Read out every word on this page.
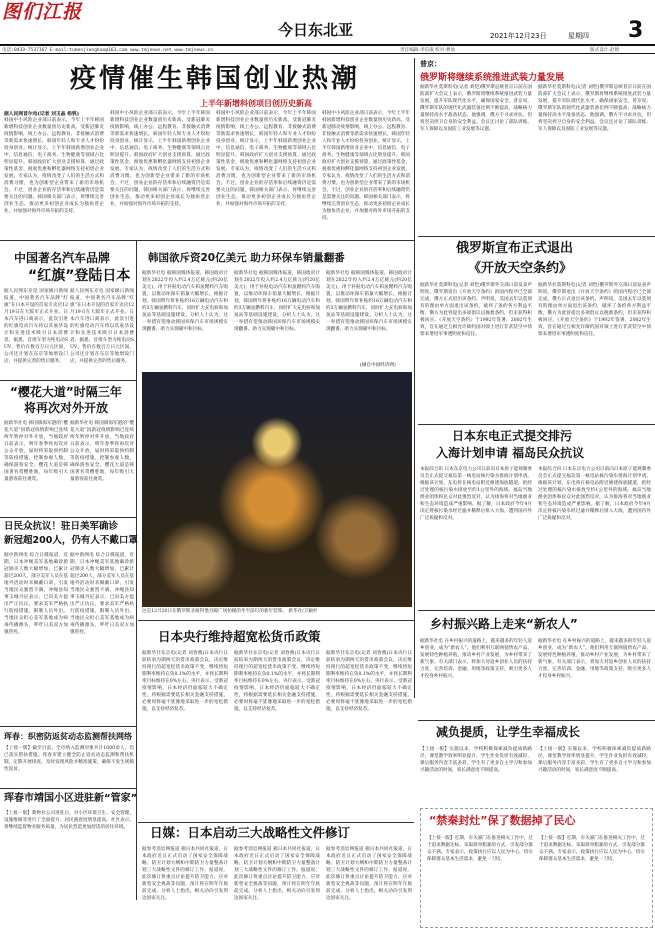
图们江报
今日东北亚	2021年12月23日	星期四 3
电话:0433-7537167 E-mail:tumenjiangbao@163.com www.tmjnews.net www.tmjnews.cn	责任编辑:李信淑 校对:曹仙	版式设计:赵婧
疫情催生韩国创业热潮
上半年新增科创项目创历史新高
据人民网首尔电(记者 刘玉晶 杨钒)
韩国中小风险企业部日前表示，今年上半年韩国新增科技创业企业数量创历史新高。受新冠肺炎疫情影响，线上办公、远程教育、非接触式消费等新需求快速增长，韩国年轻人和专业人才纷纷投身创业。统计显示，上半年韩国新增创业企业中，信息通信、电子商务、生物健康等领域占比明显提升。韩国政府扩大创业支援预算，通过政策性基金、税收优惠和孵化器网络支持初创企业发展。专家认为，疫情改变了人们的生活方式和消费习惯，也为创新型企业带来了新的市场机会。不过，创业企业的存活率和后续融资仍是需要关注的问题。韩国相关部门表示，将继续完善创业生态，推动更多初创企业成长为独角兽企业，并加强对海外市场开拓的支持。
韩国中小风险企业部日前表示，今年上半年韩国新增科技创业企业数量创历史新高。受新冠肺炎疫情影响，线上办公、远程教育、非接触式消费等新需求快速增长，韩国年轻人和专业人才纷纷投身创业。统计显示，上半年韩国新增创业企业中，信息通信、电子商务、生物健康等领域占比明显提升。韩国政府扩大创业支援预算，通过政策性基金、税收优惠和孵化器网络支持初创企业发展。专家认为，疫情改变了人们的生活方式和消费习惯，也为创新型企业带来了新的市场机会。不过，创业企业的存活率和后续融资仍是需要关注的问题。韩国相关部门表示，将继续完善创业生态，推动更多初创企业成长为独角兽企业，并加强对海外市场开拓的支持。
韩国中小风险企业部日前表示，今年上半年韩国新增科技创业企业数量创历史新高。受新冠肺炎疫情影响，线上办公、远程教育、非接触式消费等新需求快速增长，韩国年轻人和专业人才纷纷投身创业。统计显示，上半年韩国新增创业企业中，信息通信、电子商务、生物健康等领域占比明显提升。韩国政府扩大创业支援预算，通过政策性基金、税收优惠和孵化器网络支持初创企业发展。专家认为，疫情改变了人们的生活方式和消费习惯，也为创新型企业带来了新的市场机会。不过，创业企业的存活率和后续融资仍是需要关注的问题。韩国相关部门表示，将继续完善创业生态，推动更多初创企业成长为独角兽企业，并加强对海外市场开拓的支持。
韩国中小风险企业部日前表示，今年上半年韩国新增科技创业企业数量创历史新高。受新冠肺炎疫情影响，线上办公、远程教育、非接触式消费等新需求快速增长，韩国年轻人和专业人才纷纷投身创业。统计显示，上半年韩国新增创业企业中，信息通信、电子商务、生物健康等领域占比明显提升。韩国政府扩大创业支援预算，通过政策性基金、税收优惠和孵化器网络支持初创企业发展。专家认为，疫情改变了人们的生活方式和消费习惯，也为创新型企业带来了新的市场机会。不过，创业企业的存活率和后续融资仍是需要关注的问题。韩国相关部门表示，将继续完善创业生态，推动更多初创企业成长为独角兽企业，并加强对海外市场开拓的支持。
普京：
俄罗斯将继续系统推进武装力量发展
据新华社莫斯科电(记者 刘恺)俄罗斯总统普京日前在国防部扩大会议上表示，俄罗斯将继续系统推进武装力量发展，提升军队现代化水平，确保国家安全。普京说，俄罗斯军队的现代化武器装备比例不断提高，战略核力量保持高水平战备状态。他强调，俄方不寻求对抗，但将坚决捍卫自身的安全利益。会议还讨论了部队训练、军人保障以及国防工业发展等议题。
据新华社莫斯科电(记者 刘恺)俄罗斯总统普京日前在国防部扩大会议上表示，俄罗斯将继续系统推进武装力量发展，提升军队现代化水平，确保国家安全。普京说，俄罗斯军队的现代化武器装备比例不断提高，战略核力量保持高水平战备状态。他强调，俄方不寻求对抗，但将坚决捍卫自身的安全利益。会议还讨论了部队训练、军人保障以及国防工业发展等议题。
俄罗斯宣布正式退出
《开放天空条约》
据新华社莫斯科电(记者 刘恺)俄罗斯外交部日前发表声明说，俄罗斯退出《开放天空条约》的国内程序已全部完成，俄方正式退出该条约。声明说，美国去年以莫须有的理由单方面退出该条约，破坏了条约各方利益平衡，俄方为此曾提出多项倡议以挽救条约，但未获得积极回应。《开放天空条约》于1992年签署，2002年生效，旨在通过互相允许缔约国对领土进行非武装空中侦察来增进军事透明度和信任。
据新华社莫斯科电(记者 刘恺)俄罗斯外交部日前发表声明说，俄罗斯退出《开放天空条约》的国内程序已全部完成，俄方正式退出该条约。声明说，美国去年以莫须有的理由单方面退出该条约，破坏了条约各方利益平衡，俄方为此曾提出多项倡议以挽救条约，但未获得积极回应。《开放天空条约》于1992年签署，2002年生效，旨在通过互相允许缔约国对领土进行非武装空中侦察来增进军事透明度和信任。
日本东电正式提交排污
入海计划申请 福岛民众抗议
本报综合讯 日本东京电力公司日前向日本原子能规制委员会正式提交福岛第一核电站核污染水排海计划申请。根据该计划，东电将在核电站附近修建海底隧道，把经过处理的核污染水排放至约1公里外的海域。福岛当地渔业团体和民众对此强烈反对，认为排海将对当地渔业和生态环境造成严重影响。据了解，日本政府今年4月决定将核污染水经过滤并稀释后排入大海，遭到国内外广泛质疑和反对。
本报综合讯 日本东京电力公司日前向日本原子能规制委员会正式提交福岛第一核电站核污染水排海计划申请。根据该计划，东电将在核电站附近修建海底隧道，把经过处理的核污染水排放至约1公里外的海域。福岛当地渔业团体和民众对此强烈反对，认为排海将对当地渔业和生态环境造成严重影响。据了解，日本政府今年4月决定将核污染水经过滤并稀释后排入大海，遭到国内外广泛质疑和反对。
中国著名汽车品牌
“红旗”登陆日本
据人民网东京电 国家级日新闻报道，中国著名汽车品牌“红旗”在日本开设的首家专卖店12月19日在大阪市正式开业。日本汽车进口商表示，此次引进的红旗电动汽车将以其豪华设计和先进技术吸引日本消费者。据悉，首批车型为纯电动SUV，售价在数百万日元区间，公司还计划在东京等地增设门店，并提供完善的售后服务。
据人民网东京电 国家级日新闻报道，中国著名汽车品牌“红旗”在日本开设的首家专卖店12月19日在大阪市正式开业。日本汽车进口商表示，此次引进的红旗电动汽车将以其豪华设计和先进技术吸引日本消费者。据悉，首批车型为纯电动SUV，售价在数百万日元区间，公司还计划在东京等地增设门店，并提供完善的售后服务。
“樱花大道”时隔三年
将再次对外开放
据新华社电 韩国镇海军港的“樱花大道”因新冠疫情影响已连续两年暂停对外开放，当地政府日前表示，明年春季将再次对公众开放，届时将采取预约制等防疫措施，控制参观人数，确保游客安全。樱花大道是韩国著名赏樱胜地，每年吸引大量游客前往观赏。
据新华社电 韩国镇海军港的“樱花大道”因新冠疫情影响已连续两年暂停对外开放，当地政府日前表示，明年春季将再次对公众开放，届时将采取预约制等防疫措施，控制参观人数，确保游客安全。樱花大道是韩国著名赏樱胜地，每年吸引大量游客前往观赏。
日民众抗议！驻日美军确诊
新冠超200人，仍有人不戴口罩
据中新网电 综合日媒报道，近期，日本冲绳美军基地确诊新冠肺炎人数大幅增加，已累计超过200人，部分美军人员在基地外活动时未佩戴口罩，引发当地民众强烈不满。冲绳县知事玉城丹尼表示，已向美方提出严正抗议，要求美军严格执行防疫措施，限制人员外出。当地民众担心美军基地成为病毒传播源头，呼吁日美双方加强管控。
据中新网电 综合日媒报道，近期，日本冲绳美军基地确诊新冠肺炎人数大幅增加，已累计超过200人，部分美军人员在基地外活动时未佩戴口罩，引发当地民众强烈不满。冲绳县知事玉城丹尼表示，已向美方提出严正抗议，要求美军严格执行防疫措施，限制人员外出。当地民众担心美军基地成为病毒传播源头，呼吁日美双方加强管控。
珲春：织密防返贫动态监测帮扶网络
【上接一版】截至目前，全市纳入监测对象共计1000余人，均已落实帮扶措施。珲春市建立健全防止返贫动态监测和帮扶机制，定期开展排查，及时发现风险并精准施策，确保不发生规模性返贫。
珲春市靖国小区进驻新“管家”
【上接一版】新物业公司进驻后，对小区环境卫生、安全管理、设施维修等进行了全面提升，居民满意度明显提高。社区表示，将继续监督物业服务质量，为居民营造更加舒适的居住环境。
韩国欲斥资20亿美元 助力环保车销量翻番
据新华社电 据韩国媒体报道，韩国政府计划在2022年投入约2.4万亿韩元(约20亿美元)，用于补贴电动汽车和氢燃料汽车购置，以推动环保车销量大幅增长。根据计划，韩国明年将补贴约16万辆电动汽车和约3万辆氢燃料汽车，同时扩大充电桩和加氢站等基础设施建设。分析人士认为，这一举措有望推动韩国环保汽车市场规模实现翻番，助力实现碳中和目标。
据新华社电 据韩国媒体报道，韩国政府计划在2022年投入约2.4万亿韩元(约20亿美元)，用于补贴电动汽车和氢燃料汽车购置，以推动环保车销量大幅增长。根据计划，韩国明年将补贴约16万辆电动汽车和约3万辆氢燃料汽车，同时扩大充电桩和加氢站等基础设施建设。分析人士认为，这一举措有望推动韩国环保汽车市场规模实现翻番，助力实现碳中和目标。
据新华社电 据韩国媒体报道，韩国政府计划在2022年投入约2.4万亿韩元(约20亿美元)，用于补贴电动汽车和氢燃料汽车购置，以推动环保车销量大幅增长。根据计划，韩国明年将补贴约16万辆电动汽车和约3万辆氢燃料汽车，同时扩大充电桩和加氢站等基础设施建设。分析人士认为，这一举措有望推动韩国环保汽车市场规模实现翻番，助力实现碳中和目标。
(摘自中国经济网)
这是12月20日在俄罗斯圣彼得堡宫殿广场拍摄的冬至前灯的新年装饰。 新华社/卫颖杉
日本央行维持超宽松货币政策
据新华社东京电(记者 刘春燕)日本央行日前结束为期两天的货币政策会议，决定维持现行的超宽松货币政策不变，继续将短期利率维持在负0.1%的水平，并将长期利率目标维持在0%左右。央行表示，受新冠疫情影响，日本经济仍面临较大不确定性，将根据需要延长相关金融支持措施，必要时将毫不犹豫地采取进一步的宽松措施，以支持经济复苏。
据新华社东京电(记者 刘春燕)日本央行日前结束为期两天的货币政策会议，决定维持现行的超宽松货币政策不变，继续将短期利率维持在负0.1%的水平，并将长期利率目标维持在0%左右。央行表示，受新冠疫情影响，日本经济仍面临较大不确定性，将根据需要延长相关金融支持措施，必要时将毫不犹豫地采取进一步的宽松措施，以支持经济复苏。
据新华社东京电(记者 刘春燕)日本央行日前结束为期两天的货币政策会议，决定维持现行的超宽松货币政策不变，继续将短期利率维持在负0.1%的水平，并将长期利率目标维持在0%左右。央行表示，受新冠疫情影响，日本经济仍面临较大不确定性，将根据需要延长相关金融支持措施，必要时将毫不犹豫地采取进一步的宽松措施，以支持经济复苏。
日媒：日本启动三大战略性文件修订
据参考消息网报道 据日本共同社报道，日本政府近日正式启动了国家安全保障战略、防卫计划大纲和中期防卫力量整备计划三大战略性文件的修订工作。报道说，此次修订将重点讨论提升防卫能力、应对新型安全挑战等问题，预计将在明年年底前完成。分析人士指出，相关动向引发周边国家关注。
据参考消息网报道 据日本共同社报道，日本政府近日正式启动了国家安全保障战略、防卫计划大纲和中期防卫力量整备计划三大战略性文件的修订工作。报道说，此次修订将重点讨论提升防卫能力、应对新型安全挑战等问题，预计将在明年年底前完成。分析人士指出，相关动向引发周边国家关注。
据参考消息网报道 据日本共同社报道，日本政府近日正式启动了国家安全保障战略、防卫计划大纲和中期防卫力量整备计划三大战略性文件的修订工作。报道说，此次修订将重点讨论提升防卫能力、应对新型安全挑战等问题，预计将在明年年底前完成。分析人士指出，相关动向引发周边国家关注。
乡村振兴路上走来“新农人”
据新华社电 在乡村振兴的道路上，越来越多的年轻人返乡创业，成为“新农人”。他们利用互联网销售农产品，发展特色种植养殖，推动乡村产业发展，为乡村带来了新气象。有关部门表示，将加大对返乡创业人员的扶持力度，完善培训、金融、用地等政策支持，吸引更多人才投身乡村振兴。
据新华社电 在乡村振兴的道路上，越来越多的年轻人返乡创业，成为“新农人”。他们利用互联网销售农产品，发展特色种植养殖，推动乡村产业发展，为乡村带来了新气象。有关部门表示，将加大对返乡创业人员的扶持力度，完善培训、金融、用地等政策支持，吸引更多人才投身乡村振兴。
减负提质，让学生幸福成长
【上接一版】实施以来，学校积极探索减负提质新路径，课堂教学效率明显提升，学生作业负担有效减轻，课后服务内容丰富多彩，学生有了更多自主学习和参加兴趣活动的时间，家长满意度不断提高。
【上接一版】实施以来，学校积极探索减负提质新路径，课堂教学效率明显提升，学生作业负担有效减轻，课后服务内容丰富多彩，学生有了更多自主学习和参加兴趣活动的时间，家长满意度不断提高。
“禁秦封灶”保了数据掉了民心
【上接一版】近期，有关部门在推进相关工作中，过于追求数据达标，采取简单粗暴的方式，引发部分群众不满。专家表示，政策执行应以人民为中心，切实保障群众基本生活需求，避免一刀切。
【上接一版】近期，有关部门在推进相关工作中，过于追求数据达标，采取简单粗暴的方式，引发部分群众不满。专家表示，政策执行应以人民为中心，切实保障群众基本生活需求，避免一刀切。
